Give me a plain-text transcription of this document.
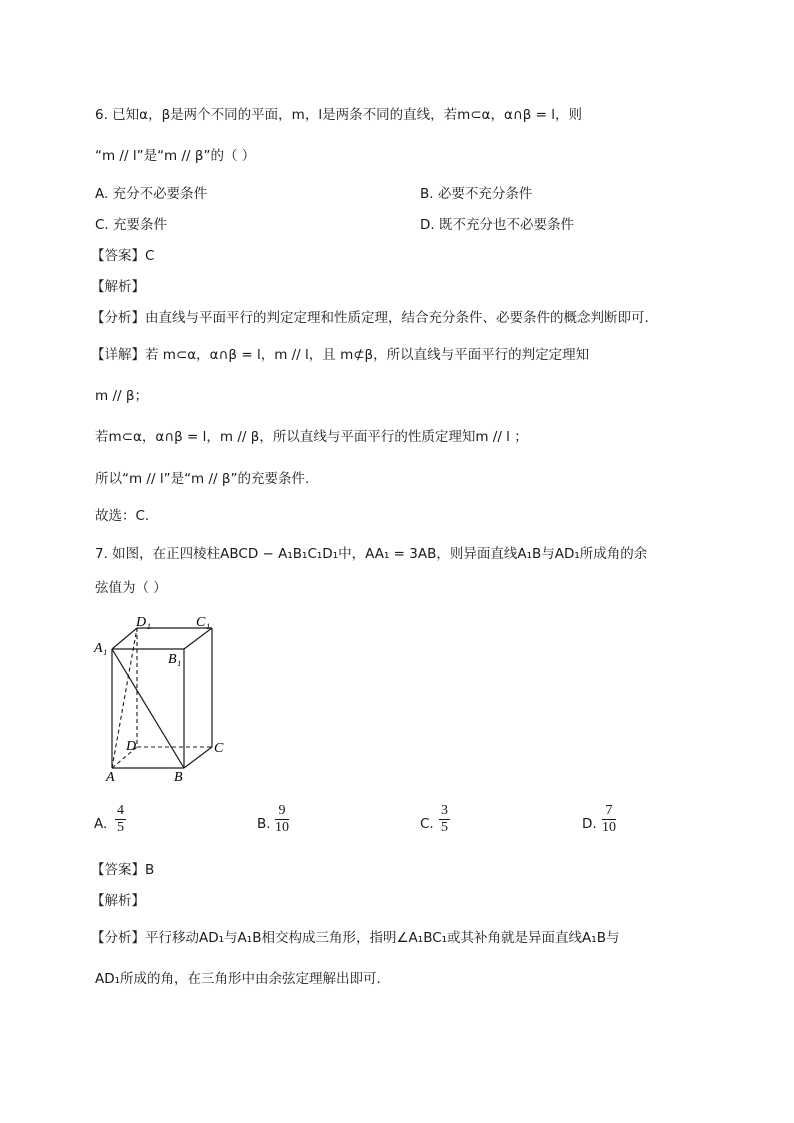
6. 已知α，β是两个不同的平面，m，l是两条不同的直线，若m⊂α，α∩β = l，则
“m // l”是“m // β”的（ ）
A. 充分不必要条件	B. 必要不充分条件
C. 充要条件	D. 既不充分也不必要条件
【答案】C
【解析】
【分析】由直线与平面平行的判定定理和性质定理，结合充分条件、必要条件的概念判断即可.
【详解】若 m⊂α，α∩β = l，m // l，且 m⊄β，所以直线与平面平行的判定定理知
m // β；
若m⊂α，α∩β = l，m // β，所以直线与平面平行的性质定理知m // l ；
所以“m // l”是“m // β”的充要条件.
故选：C.
7. 如图，在正四棱柱ABCD − A₁B₁C₁D₁中，AA₁ = 3AB，则异面直线A₁B与AD₁所成角的余
弦值为（ ）
D₁	C₁
A₁
B₁
D	C
A	B
A. $\frac{4}{5}$	B. $\frac{9}{10}$	C. $\frac{3}{5}$	D. $\frac{7}{10}$
【答案】B
【解析】
【分析】平行移动AD₁与A₁B相交构成三角形，指明∠A₁BC₁或其补角就是异面直线A₁B与
AD₁所成的角，在三角形中由余弦定理解出即可.
